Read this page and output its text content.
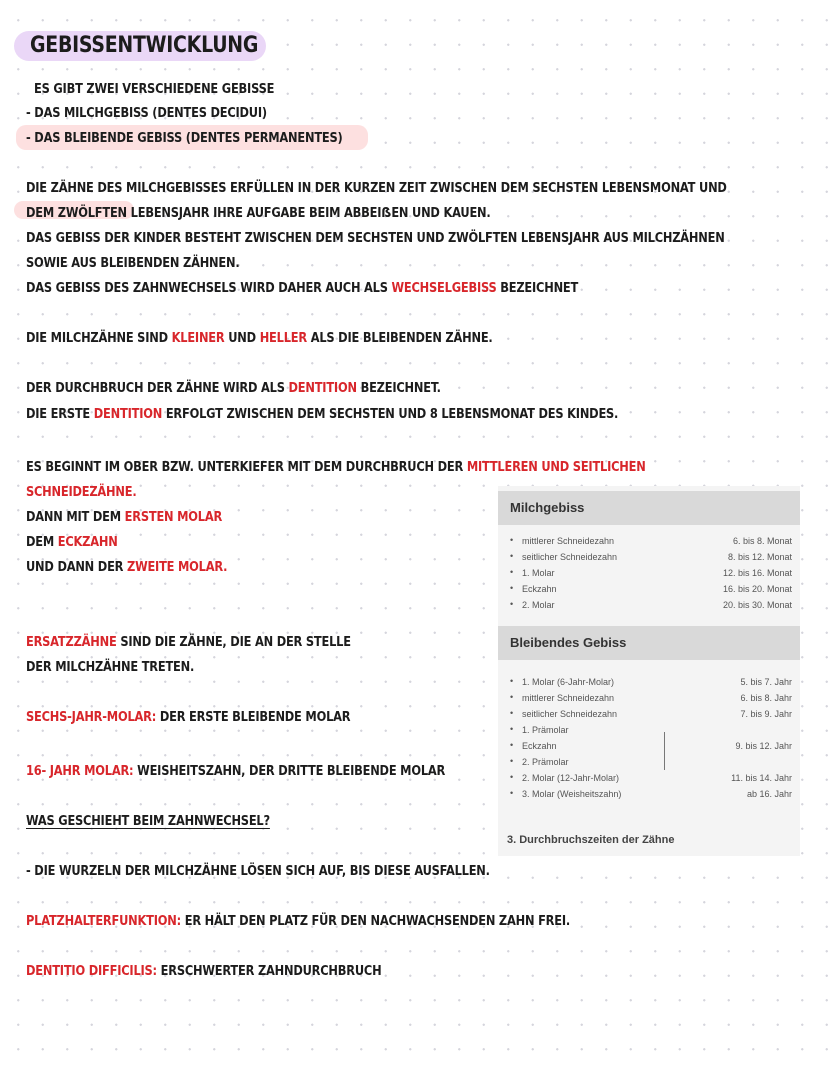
GEBISSENTWICKLUNG
ES GIBT ZWEI VERSCHIEDENE GEBISSE
- DAS MILCHGEBISS (DENTES DECIDUI)
- DAS BLEIBENDE GEBISS (DENTES PERMANENTES)
DIE ZÄHNE DES MILCHGEBISSES ERFÜLLEN IN DER KURZEN ZEIT ZWISCHEN DEM SECHSTEN LEBENSMONAT UND
DEM ZWÖLFTEN LEBENSJAHR IHRE AUFGABE BEIM ABBEIẞEN UND KAUEN.
DAS GEBISS DER KINDER BESTEHT ZWISCHEN DEM SECHSTEN UND ZWÖLFTEN LEBENSJAHR AUS MILCHZÄHNEN
SOWIE AUS BLEIBENDEN ZÄHNEN.
DAS GEBISS DES ZAHNWECHSELS WIRD DAHER AUCH ALS WECHSELGEBISS BEZEICHNET
DIE MILCHZÄHNE SIND KLEINER UND HELLER ALS DIE BLEIBENDEN ZÄHNE.
DER DURCHBRUCH DER ZÄHNE WIRD ALS DENTITION BEZEICHNET.
DIE ERSTE DENTITION ERFOLGT ZWISCHEN DEM SECHSTEN UND 8 LEBENSMONAT DES KINDES.
ES BEGINNT IM OBER BZW. UNTERKIEFER MIT DEM DURCHBRUCH DER MITTLEREN UND SEITLICHEN
SCHNEIDEZÄHNE.
DANN MIT DEM ERSTEN MOLAR
DEM ECKZAHN
UND DANN DER ZWEITE MOLAR.
ERSATZZÄHNE SIND DIE ZÄHNE, DIE AN DER STELLE
DER MILCHZÄHNE TRETEN.
SECHS-JAHR-MOLAR: DER ERSTE BLEIBENDE MOLAR
16- JAHR MOLAR: WEISHEITSZAHN, DER DRITTE BLEIBENDE MOLAR
WAS GESCHIEHT BEIM ZAHNWECHSEL?
- DIE WURZELN DER MILCHZÄHNE LÖSEN SICH AUF, BIS DIESE AUSFALLEN.
PLATZHALTERFUNKTION: ER HÄLT DEN PLATZ FÜR DEN NACHWACHSENDEN ZAHN FREI.
DENTITIO DIFFICILIS: ERSCHWERTER ZAHNDURCHBRUCH
Milchgebiss
• mittlerer Schneidezahn	6. bis 8. Monat
• seitlicher Schneidezahn	8. bis 12. Monat
• 1. Molar	12. bis 16. Monat
• Eckzahn	16. bis 20. Monat
• 2. Molar	20. bis 30. Monat
Bleibendes Gebiss
• 1. Molar (6-Jahr-Molar)	5. bis 7. Jahr
• mittlerer Schneidezahn	6. bis 8. Jahr
• seitlicher Schneidezahn	7. bis 9. Jahr
• 1. Prämolar
• Eckzahn	9. bis 12. Jahr
• 2. Prämolar
• 2. Molar (12-Jahr-Molar)	11. bis 14. Jahr
• 3. Molar (Weisheitszahn)	ab 16. Jahr
3. Durchbruchszeiten der Zähne
